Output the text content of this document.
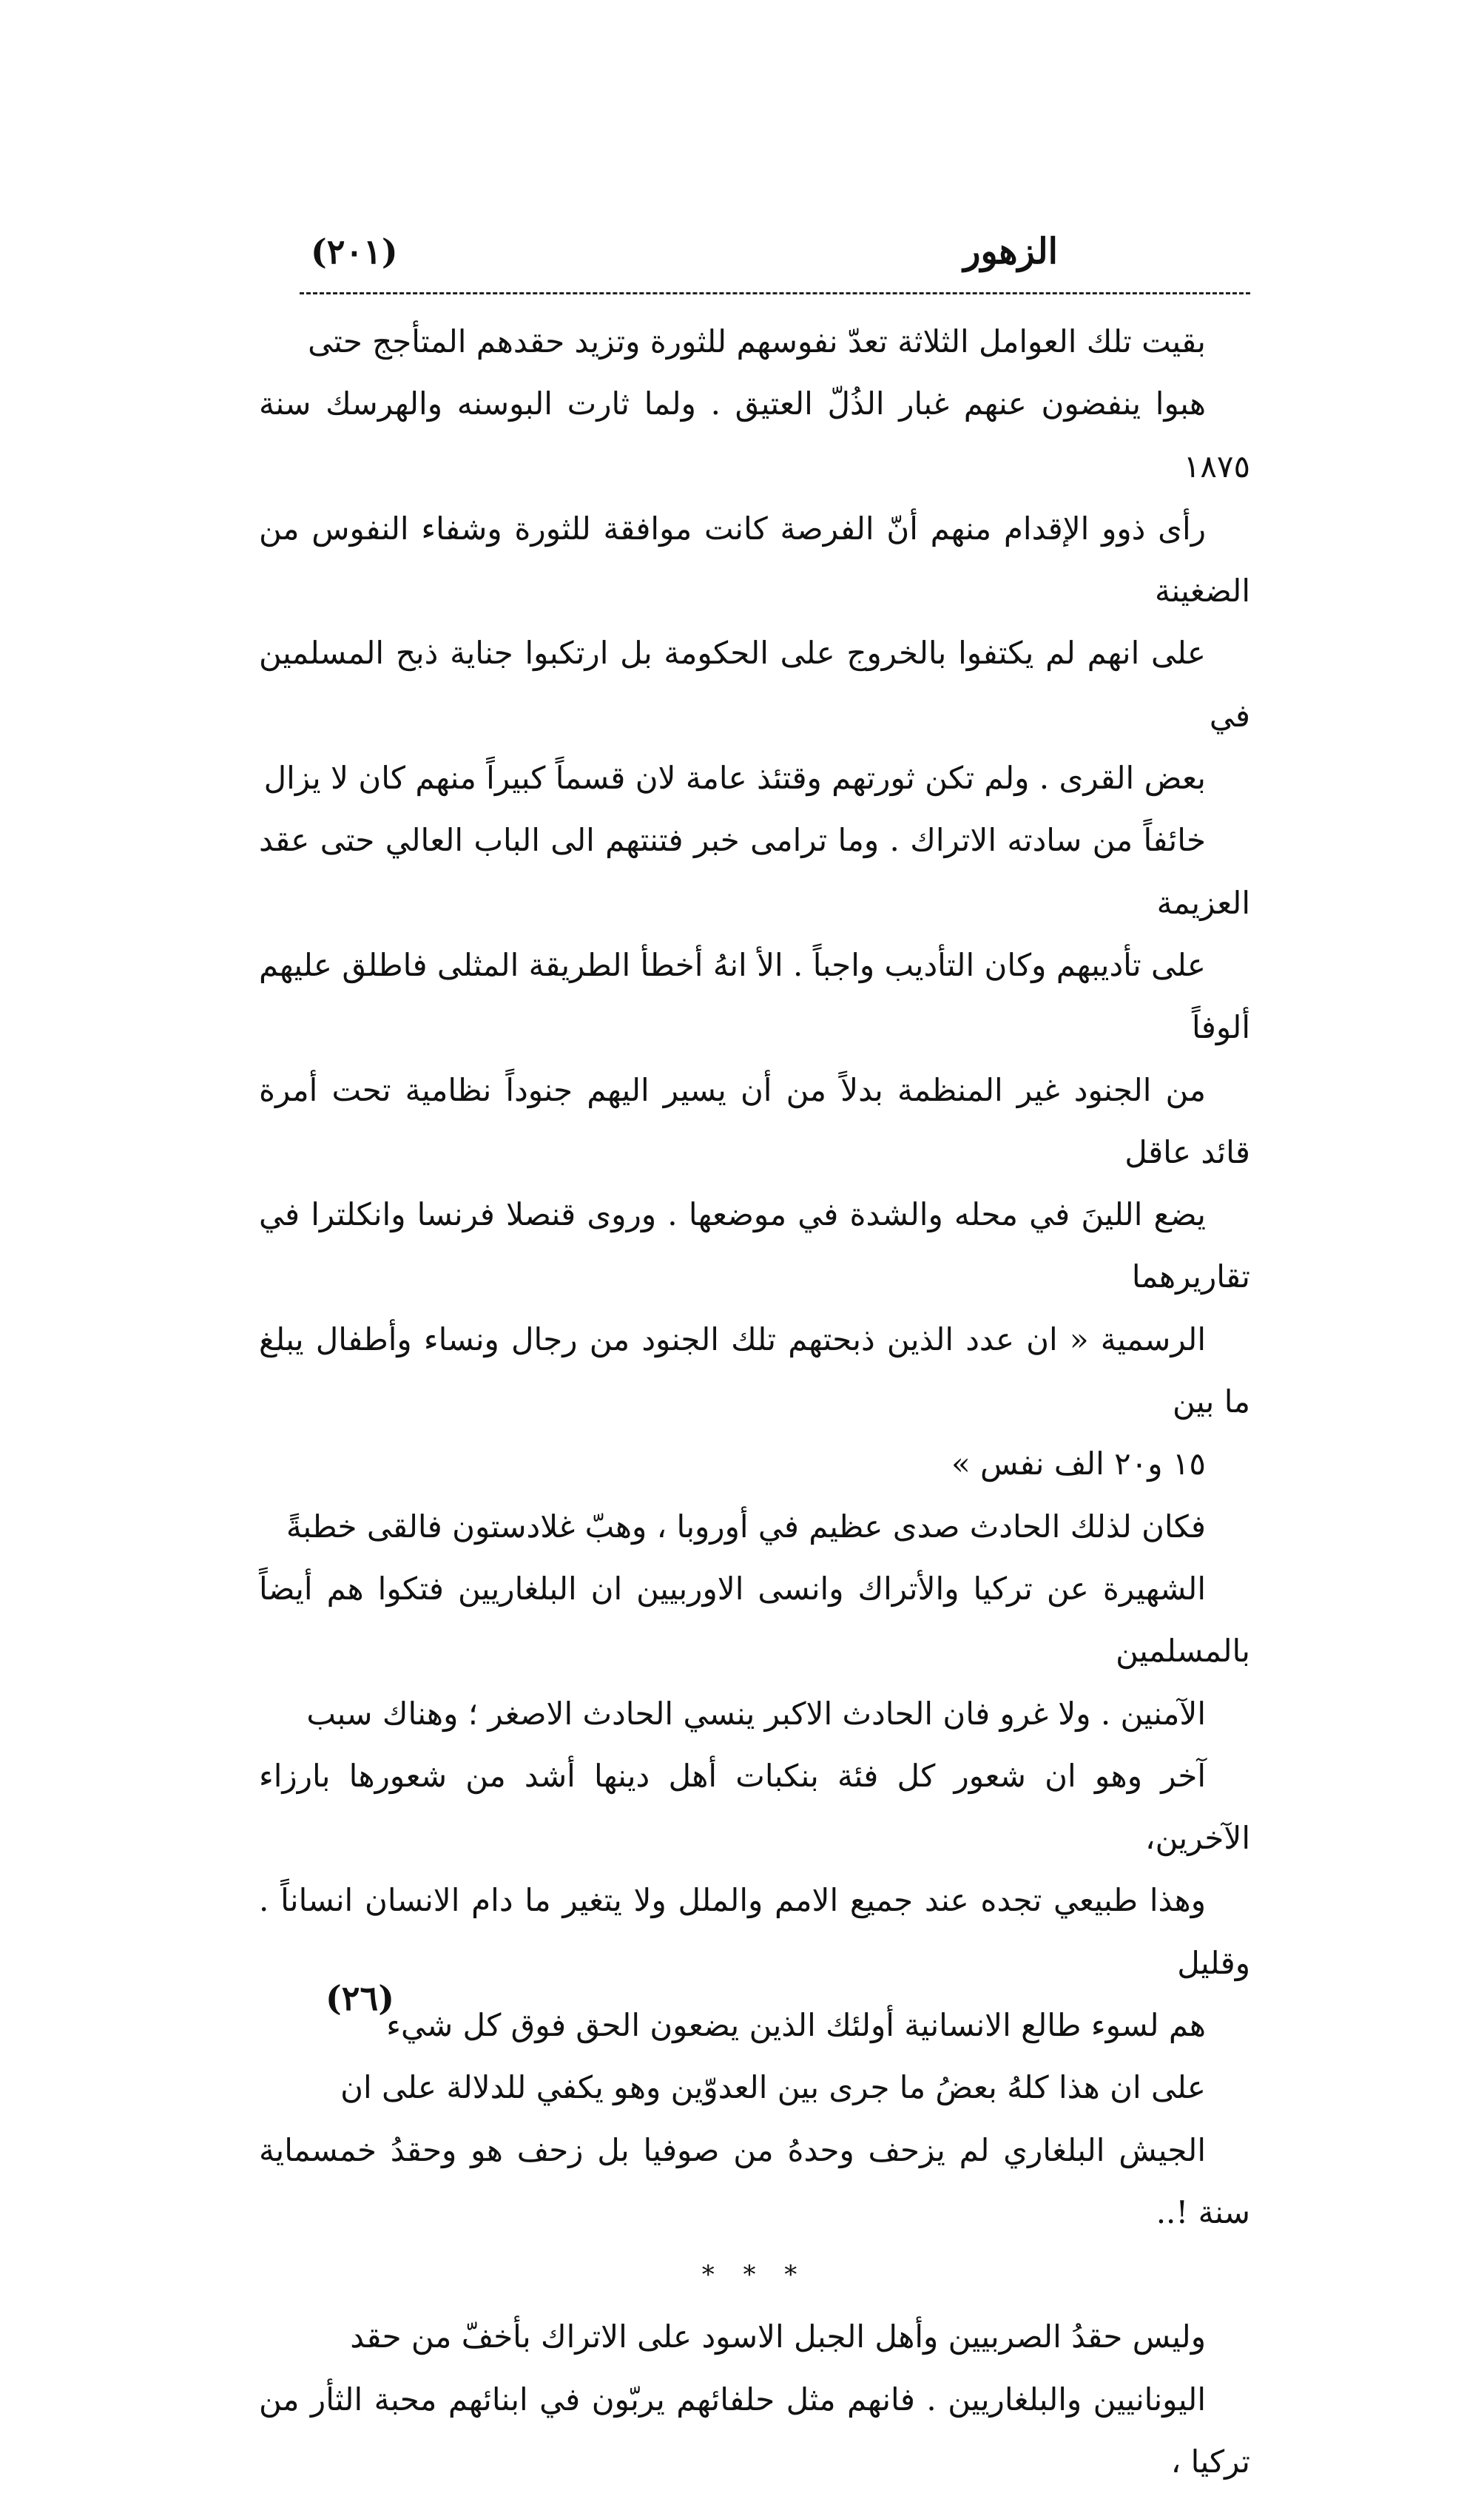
الزهور
(٢٠١)
بقيت تلك العوامل الثلاثة تعدّ نفوسهم للثورة وتزيد حقدهم المتأجج حتى
هبوا ينفضون عنهم غبار الذُلّ العتيق . ولما ثارت البوسنه والهرسك سنة ١٨٧٥
رأى ذوو الإقدام منهم أنّ الفرصة كانت موافقة للثورة وشفاء النفوس من الضغينة
على انهم لم يكتفوا بالخروج على الحكومة بل ارتكبوا جناية ذبح المسلمين في
بعض القرى . ولم تكن ثورتهم وقتئذ عامة لان قسماً كبيراً منهم كان لا يزال
خائفاً من سادته الاتراك . وما ترامى خبر فتنتهم الى الباب العالي حتى عقد العزيمة
على تأديبهم وكان التأديب واجباً . الأ انهُ أخطأ الطريقة المثلى فاطلق عليهم ألوفاً
من الجنود غير المنظمة بدلاً من أن يسير اليهم جنوداً نظامية تحت أمرة قائد عاقل
يضع اللينَ في محله والشدة في موضعها . وروى قنصلا فرنسا وانكلترا في تقاريرهما
الرسمية « ان عدد الذين ذبحتهم تلك الجنود من رجال ونساء وأطفال يبلغ ما بين
١٥ و٢٠ الف نفس »
فكان لذلك الحادث صدى عظيم في أوروبا ، وهبّ غلادستون فالقى خطبةً
الشهيرة عن تركيا والأتراك وانسى الاوربيين ان البلغاريين فتكوا هم أيضاً بالمسلمين
الآمنين . ولا غرو فان الحادث الاكبر ينسي الحادث الاصغر ؛ وهناك سبب
آخر وهو ان شعور كل فئة بنكبات أهل دينها أشد من شعورها بارزاء الآخرين،
وهذا طبيعي تجده عند جميع الامم والملل ولا يتغير ما دام الانسان انساناً . وقليل
هم لسوء طالع الانسانية أولئك الذين يضعون الحق فوق كل شيء
على ان هذا كلهُ بعضُ ما جرى بين العدوّين وهو يكفي للدلالة على ان
الجيش البلغاري لم يزحف وحدهُ من صوفيا بل زحف هو وحقدُ خمسماية سنة !..
* * *
وليس حقدُ الصربيين وأهل الجبل الاسود على الاتراك بأخفّ من حقد
اليونانيين والبلغاريين . فانهم مثل حلفائهم يربّون في ابنائهم محبة الثأر من تركيا ،
(٢٦)
